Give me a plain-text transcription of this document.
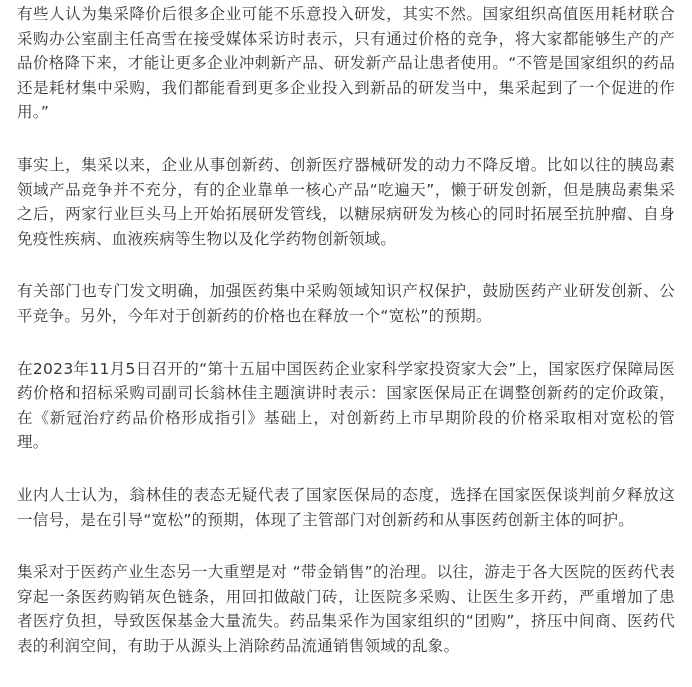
有些人认为集采降价后很多企业可能不乐意投入研发，其实不然。国家组织高值医用耗材联合采购办公室副主任高雪在接受媒体采访时表示，只有通过价格的竞争，将大家都能够生产的产品价格降下来，才能让更多企业冲刺新产品、研发新产品让患者使用。“不管是国家组织的药品还是耗材集中采购，我们都能看到更多企业投入到新品的研发当中，集采起到了一个促进的作用。”

事实上，集采以来，企业从事创新药、创新医疗器械研发的动力不降反增。比如以往的胰岛素领域产品竞争并不充分，有的企业靠单一核心产品“吃遍天”，懒于研发创新，但是胰岛素集采之后，两家行业巨头马上开始拓展研发管线，以糖尿病研发为核心的同时拓展至抗肿瘤、自身免疫性疾病、血液疾病等生物以及化学药物创新领域。

有关部门也专门发文明确，加强医药集中采购领域知识产权保护，鼓励医药产业研发创新、公平竞争。另外，今年对于创新药的价格也在释放一个“宽松”的预期。

在2023年11月5日召开的“第十五届中国医药企业家科学家投资家大会”上，国家医疗保障局医药价格和招标采购司副司长翁林佳主题演讲时表示：国家医保局正在调整创新药的定价政策，在《新冠治疗药品价格形成指引》基础上，对创新药上市早期阶段的价格采取相对宽松的管理。

业内人士认为，翁林佳的表态无疑代表了国家医保局的态度，选择在国家医保谈判前夕释放这一信号，是在引导“宽松”的预期，体现了主管部门对创新药和从事医药创新主体的呵护。

集采对于医药产业生态另一大重塑是对 “带金销售”的治理。以往，游走于各大医院的医药代表穿起一条医药购销灰色链条，用回扣做敲门砖，让医院多采购、让医生多开药，严重增加了患者医疗负担，导致医保基金大量流失。药品集采作为国家组织的“团购”，挤压中间商、医药代表的利润空间，有助于从源头上消除药品流通销售领域的乱象。
